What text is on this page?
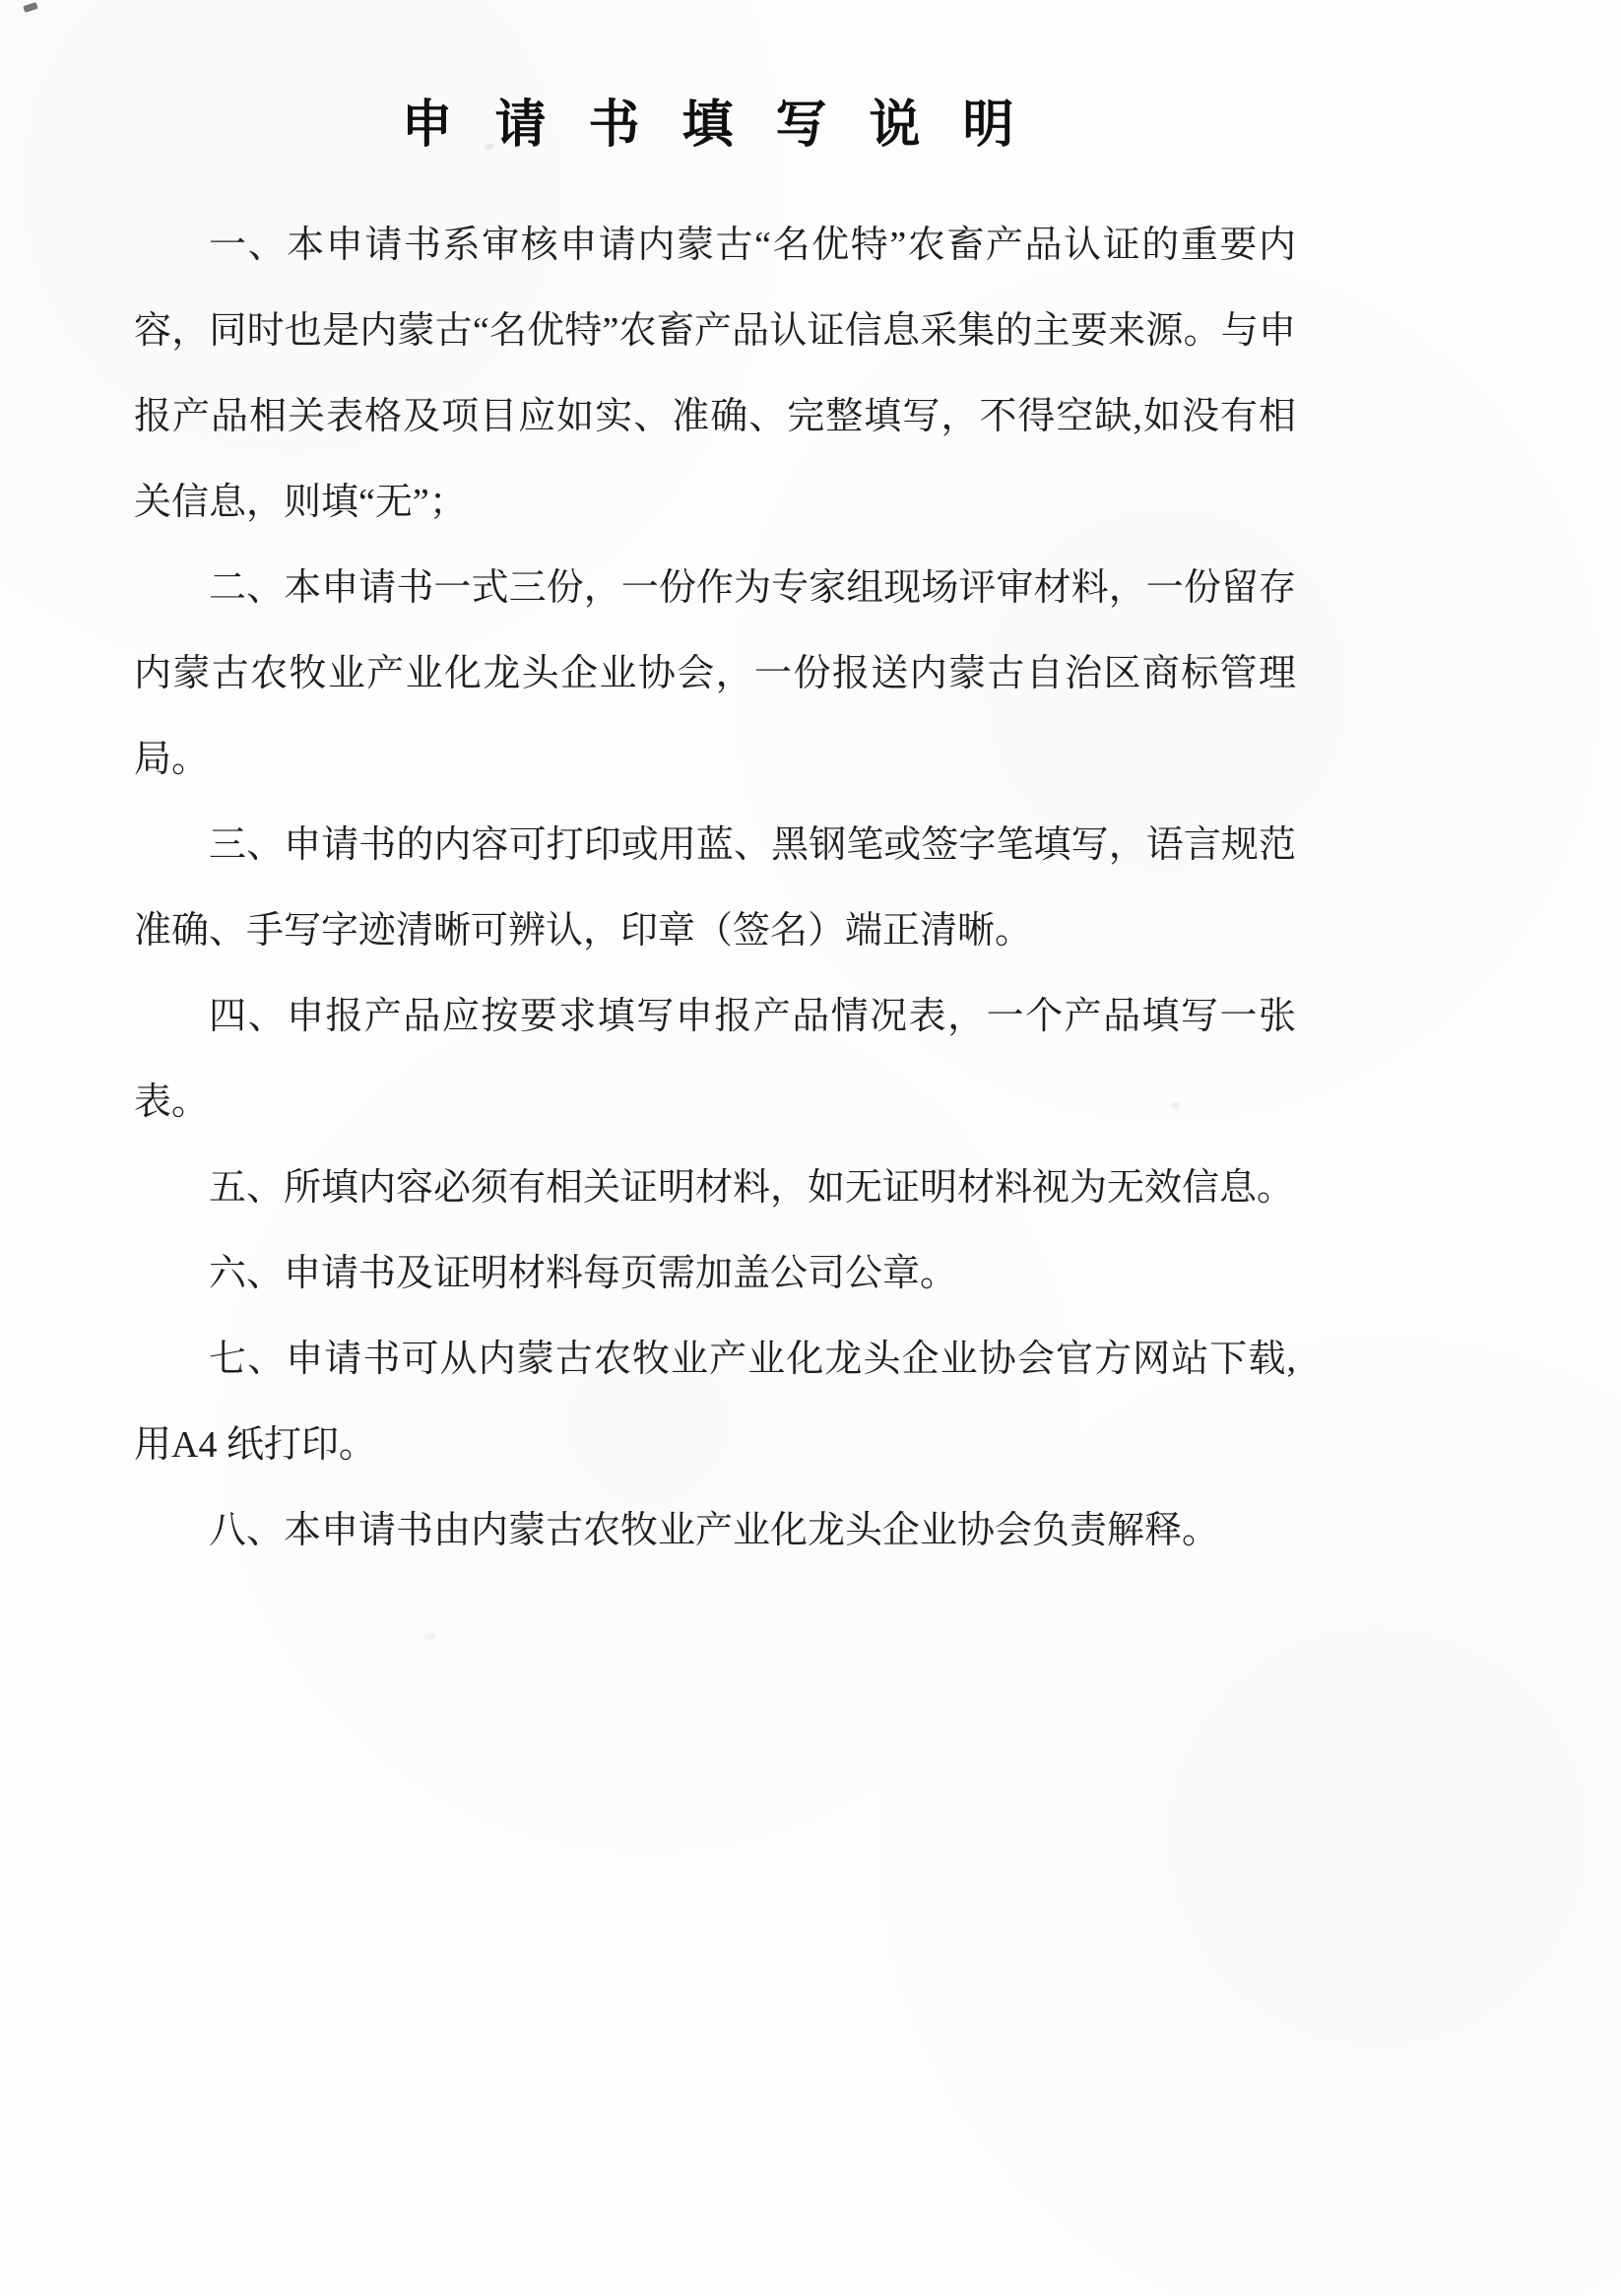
申 请 书 填 写 说 明

一、本申请书系审核申请内蒙古“名优特”农畜产品认证的重要内容，同时也是内蒙古“名优特”农畜产品认证信息采集的主要来源。与申报产品相关表格及项目应如实、准确、完整填写，不得空缺,如没有相关信息，则填“无”；

二、本申请书一式三份，一份作为专家组现场评审材料，一份留存内蒙古农牧业产业化龙头企业协会，一份报送内蒙古自治区商标管理局。

三、申请书的内容可打印或用蓝、黑钢笔或签字笔填写，语言规范准确、手写字迹清晰可辨认，印章（签名）端正清晰。

四、申报产品应按要求填写申报产品情况表，一个产品填写一张表。

五、所填内容必须有相关证明材料，如无证明材料视为无效信息。

六、申请书及证明材料每页需加盖公司公章。

七、申请书可从内蒙古农牧业产业化龙头企业协会官方网站下载,用A4 纸打印。

八、本申请书由内蒙古农牧业产业化龙头企业协会负责解释。
